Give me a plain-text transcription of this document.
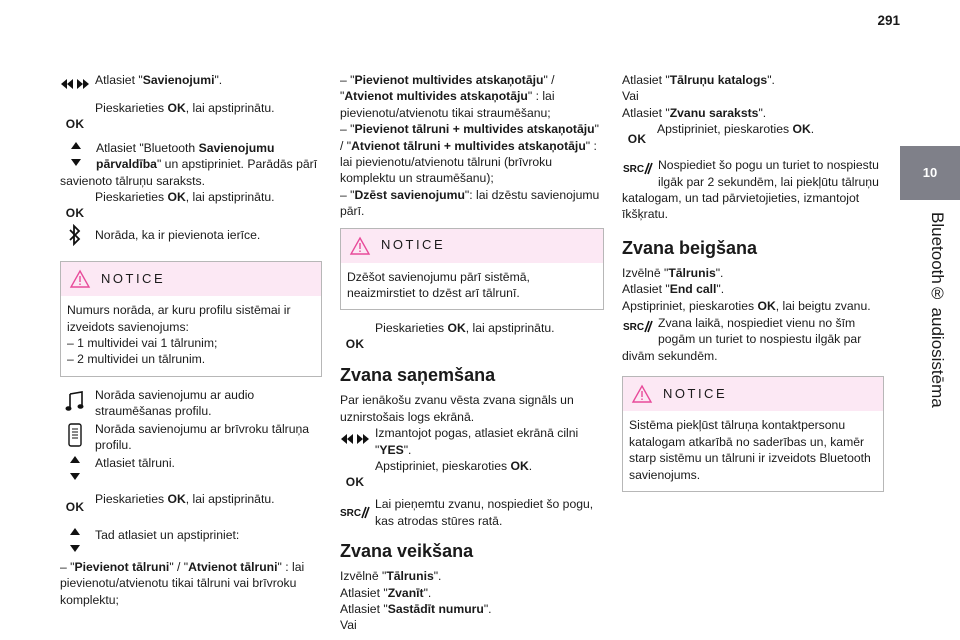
291
10
Bluetooth® audiosistēma
Atlasiet "Savienojumi".
OK
Pieskarieties OK, lai apstiprinātu.
Atlasiet "Bluetooth Savienojumu pārvaldība" un apstipriniet. Parādās pārī savienoto tālruņu saraksts.
OK
Pieskarieties OK, lai apstiprinātu.
Norāda, ka ir pievienota ierīce.
NOTICE
Numurs norāda, ar kuru profilu sistēmai ir izveidots savienojums:
– 1 multividei vai 1 tālrunim;
– 2 multividei un tālrunim.
Norāda savienojumu ar audio straumēšanas profilu.
Norāda savienojumu ar brīvroku tālruņa profilu.
Atlasiet tālruni.
OK
Pieskarieties OK, lai apstiprinātu.
Tad atlasiet un apstipriniet:
– "Pievienot tālruni" / "Atvienot tālruni" : lai pievienotu/atvienotu tikai tālruni vai brīvroku komplektu;
– "Pievienot multivides atskaņotāju" / "Atvienot multivides atskaņotāju" : lai pievienotu/atvienotu tikai straumēšanu;
– "Pievienot tālruni + multivides atskaņotāju" / "Atvienot tālruni + multivides atskaņotāju" : lai pievienotu/atvienotu tālruni (brīvroku komplektu un straumēšanu);
– "Dzēst savienojumu": lai dzēstu savienojumu pārī.
NOTICE
Dzēšot savienojumu pārī sistēmā, neaizmirstiet to dzēst arī tālrunī.
OK
Pieskarieties OK, lai apstiprinātu.
Zvana saņemšana
Par ienākošu zvanu vēsta zvana signāls un uznirstošais logs ekrānā.
Izmantojot pogas, atlasiet ekrānā cilni "YES".
OK
Apstipriniet, pieskaroties OK.
SRC
Lai pieņemtu zvanu, nospiediet šo pogu, kas atrodas stūres ratā.
Zvana veikšana
Izvēlnē "Tālrunis".
Atlasiet "Zvanīt".
Atlasiet "Sastādīt numuru".
Vai
Atlasiet "Tālruņu katalogs".
Vai
Atlasiet "Zvanu saraksts".
OK
Apstipriniet, pieskaroties OK.
SRC Nospiediet šo pogu un turiet to nospiestu ilgāk par 2 sekundēm, lai piekļūtu tālruņu katalogam, un tad pārvietojieties, izmantojot īkšķratu.
Zvana beigšana
Izvēlnē "Tālrunis".
Atlasiet "End call".
Apstipriniet, pieskaroties OK, lai beigtu zvanu.
SRC Zvana laikā, nospiediet vienu no šīm pogām un turiet to nospiestu ilgāk par divām sekundēm.
NOTICE
Sistēma piekļūst tālruņa kontaktpersonu katalogam atkarībā no saderības un, kamēr starp sistēmu un tālruni ir izveidots Bluetooth savienojums.
